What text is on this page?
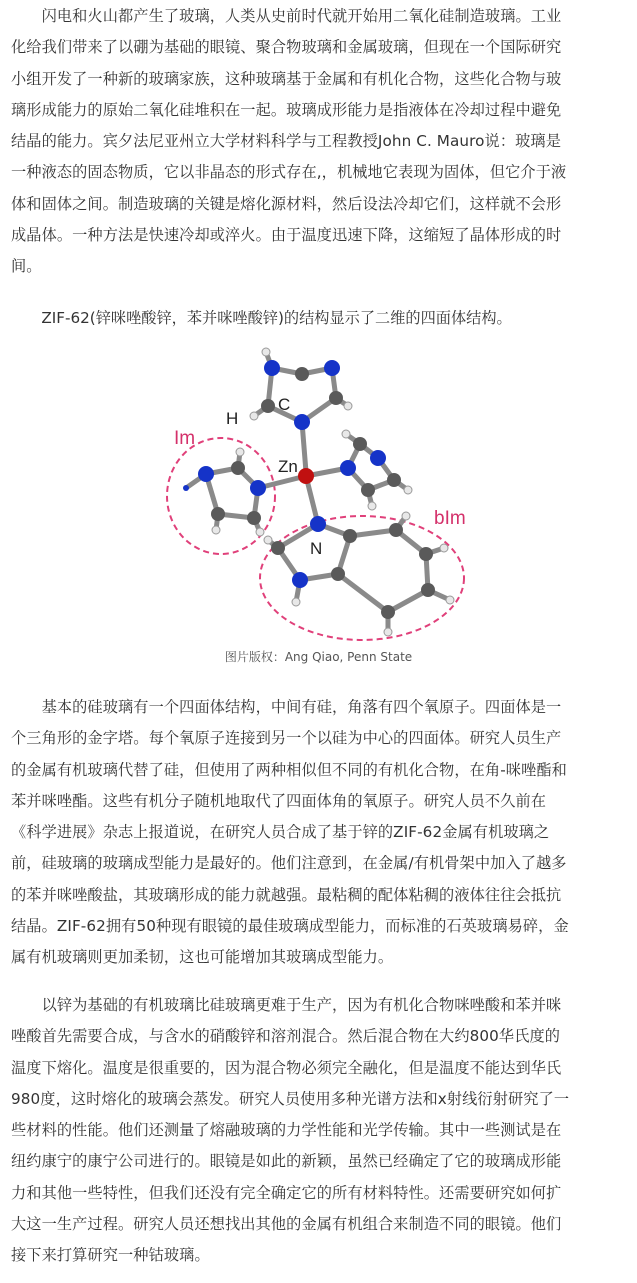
　　闪电和火山都产生了玻璃，人类从史前时代就开始用二氧化硅制造玻璃。工业
化给我们带来了以硼为基础的眼镜、聚合物玻璃和金属玻璃，但现在一个国际研究
小组开发了一种新的玻璃家族，这种玻璃基于金属和有机化合物，这些化合物与玻
璃形成能力的原始二氧化硅堆积在一起。玻璃成形能力是指液体在冷却过程中避免
结晶的能力。宾夕法尼亚州立大学材料科学与工程教授John C. Mauro说：玻璃是
一种液态的固态物质，它以非晶态的形式存在,，机械地它表现为固体，但它介于液
体和固体之间。制造玻璃的关键是熔化源材料，然后设法冷却它们，这样就不会形
成晶体。一种方法是快速冷却或淬火。由于温度迅速下降，这缩短了晶体形成的时
间。

　　ZIF-62(锌咪唑酸锌，苯并咪唑酸锌)的结构显示了二维的四面体结构。

C
H
Im
Zn
N
bIm
图片版权：Ang Qiao, Penn State

　　基本的硅玻璃有一个四面体结构，中间有硅，角落有四个氧原子。四面体是一
个三角形的金字塔。每个氧原子连接到另一个以硅为中心的四面体。研究人员生产
的金属有机玻璃代替了硅，但使用了两种相似但不同的有机化合物，在角-咪唑酯和
苯并咪唑酯。这些有机分子随机地取代了四面体角的氧原子。研究人员不久前在
《科学进展》杂志上报道说，在研究人员合成了基于锌的ZIF-62金属有机玻璃之
前，硅玻璃的玻璃成型能力是最好的。他们注意到，在金属/有机骨架中加入了越多
的苯并咪唑酸盐，其玻璃形成的能力就越强。最粘稠的配体粘稠的液体往往会抵抗
结晶。ZIF-62拥有50种现有眼镜的最佳玻璃成型能力，而标准的石英玻璃易碎，金
属有机玻璃则更加柔韧，这也可能增加其玻璃成型能力。

　　以锌为基础的有机玻璃比硅玻璃更难于生产，因为有机化合物咪唑酸和苯并咪
唑酸首先需要合成，与含水的硝酸锌和溶剂混合。然后混合物在大约800华氏度的
温度下熔化。温度是很重要的，因为混合物必须完全融化，但是温度不能达到华氏
980度，这时熔化的玻璃会蒸发。研究人员使用多种光谱方法和x射线衍射研究了一
些材料的性能。他们还测量了熔融玻璃的力学性能和光学传输。其中一些测试是在
纽约康宁的康宁公司进行的。眼镜是如此的新颖，虽然已经确定了它的玻璃成形能
力和其他一些特性，但我们还没有完全确定它的所有材料特性。还需要研究如何扩
大这一生产过程。研究人员还想找出其他的金属有机组合来制造不同的眼镜。他们
接下来打算研究一种钴玻璃。
